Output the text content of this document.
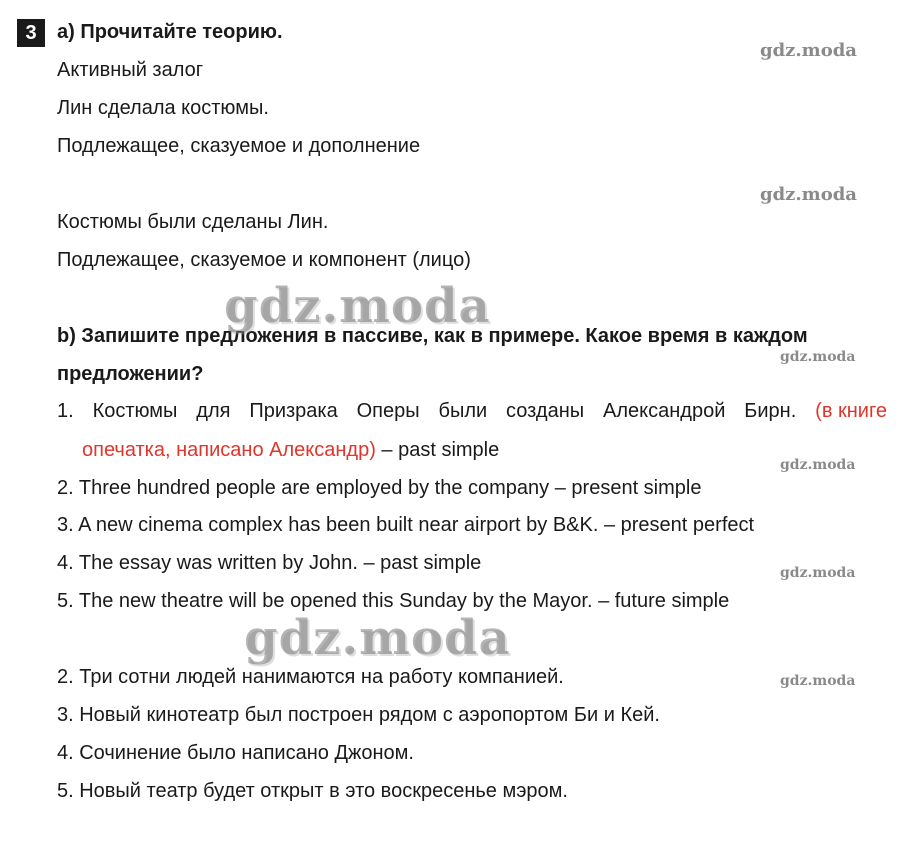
3	a) Прочитайте теорию.
Активный залог
Лин сделала костюмы.
Подлежащее, сказуемое и дополнение
Костюмы были сделаны Лин.
Подлежащее, сказуемое и компонент (лицо)
b) Запишите предложения в пассиве, как в примере. Какое время в каждом
предложении?
1. Костюмы для Призрака Оперы были созданы Александрой Бирн. (в книге
опечатка, написано Александр) – past simple
2. Three hundred people are employed by the company – present simple
3. A new cinema complex has been built near airport by B&K. – present perfect
4. The essay was written by John. – past simple
5. The new theatre will be opened this Sunday by the Mayor. – future simple
2. Три сотни людей нанимаются на работу компанией.
3. Новый кинотеатр был построен рядом с аэропортом Би и Кей.
4. Сочинение было написано Джоном.
5. Новый театр будет открыт в это воскресенье мэром.
gdz.moda
gdz.moda
gdz.moda
gdz.moda
gdz.moda
gdz.moda
gdz.moda
gdz.moda
